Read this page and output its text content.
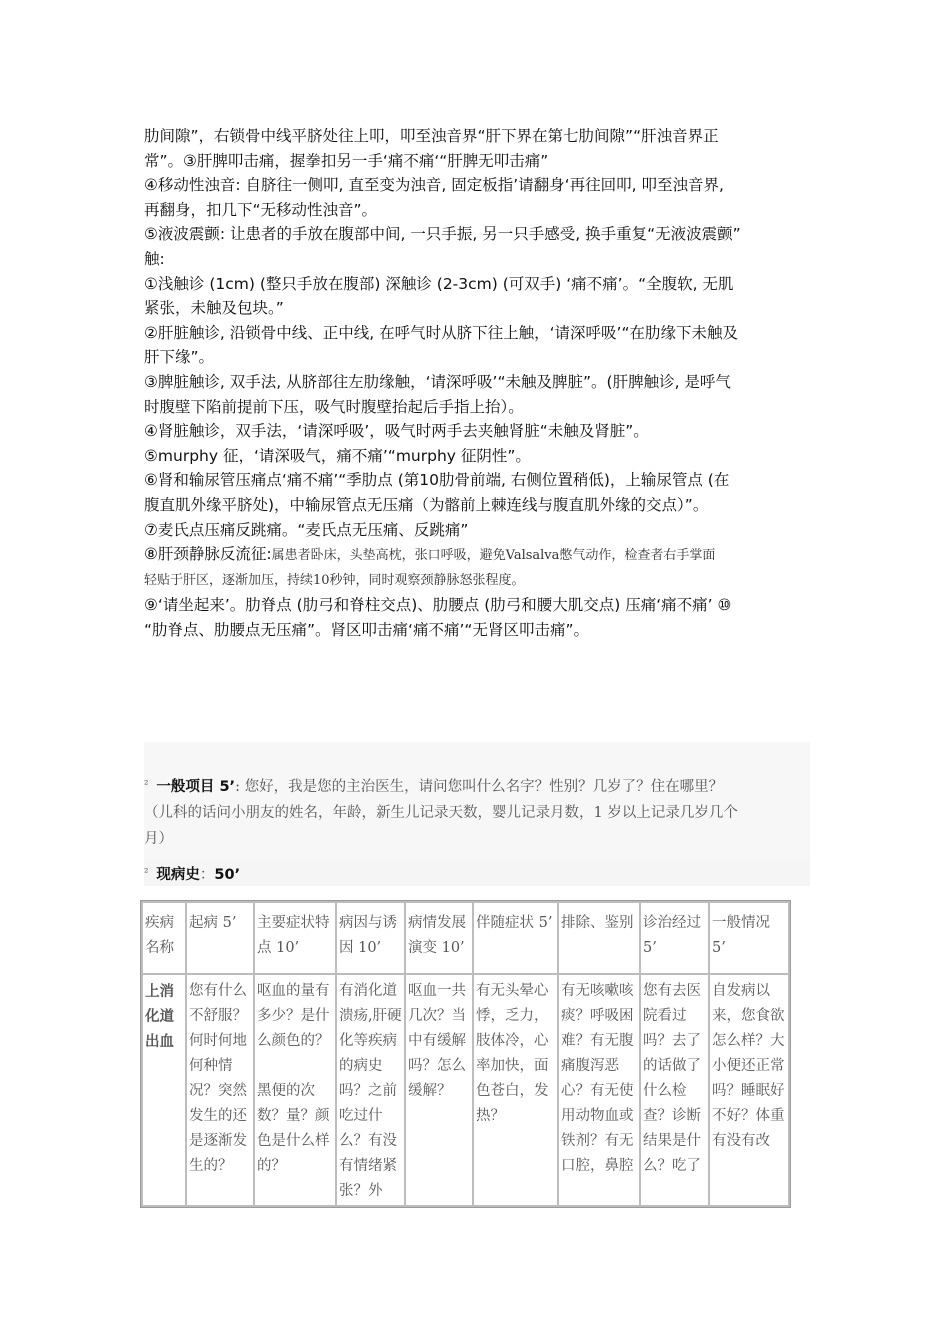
肋间隙”，右锁骨中线平脐处往上叩，叩至浊音界“肝下界在第七肋间隙”“肝浊音界正
常”。③肝脾叩击痛，握拳扣另一手‘痛不痛‘“肝脾无叩击痛”
④移动性浊音: 自脐往一侧叩, 直至变为浊音, 固定板指’请翻身‘再往回叩, 叩至浊音界,
再翻身，扣几下“无移动性浊音”。
⑤液波震颤: 让患者的手放在腹部中间, 一只手振, 另一只手感受, 换手重复“无液波震颤”
触:
①浅触诊 (1cm) (整只手放在腹部) 深触诊 (2-3cm) (可双手) ‘痛不痛’。“全腹软, 无肌
紧张，未触及包块。”
②肝脏触诊, 沿锁骨中线、正中线, 在呼气时从脐下往上触，‘请深呼吸’“在肋缘下未触及
肝下缘”。
③脾脏触诊, 双手法, 从脐部往左肋缘触，‘请深呼吸’“未触及脾脏”。(肝脾触诊, 是呼气
时腹壁下陷前提前下压，吸气时腹壁抬起后手指上抬）。
④肾脏触诊，双手法，‘请深呼吸’，吸气时两手去夹触肾脏“未触及肾脏”。
⑤murphy 征，‘请深吸气，痛不痛’“murphy 征阴性”。
⑥肾和输尿管压痛点‘痛不痛’“季肋点 (第10肋骨前端, 右侧位置稍低)，上输尿管点 (在
腹直肌外缘平脐处)，中输尿管点无压痛（为髂前上棘连线与腹直肌外缘的交点）”。
⑦麦氏点压痛反跳痛。“麦氏点无压痛、反跳痛”
⑧肝颈静脉反流征:属患者卧床，头垫高枕，张口呼吸，避免Valsalva憋气动作，检查者右手掌面
轻贴于肝区，逐渐加压，持续10秒钟，同时观察颈静脉怒张程度。
⑨‘请坐起来’。肋脊点 (肋弓和脊柱交点)、肋腰点 (肋弓和腰大肌交点) 压痛‘痛不痛’ ⑩
“肋脊点、肋腰点无压痛”。肾区叩击痛‘痛不痛’“无肾区叩击痛”。
$^{^2}$ 一般项目 5’: 您好，我是您的主治医生，请问您叫什么名字？性别？几岁了？住在哪里？
（儿科的话问小朋友的姓名，年龄，新生儿记录天数，婴儿记录月数，1 岁以上记录几岁几个
月）
$^{^2}$ 现病史：50’
疾病名称	起病 5’	主要症状特点 10’	病因与诱因 10’	病情发展演变 10’	伴随症状 5’	排除、鉴别	诊治经过 5’	一般情况 5’

上消化道出血	您有什么不舒服？何时何地何种情况？突然发生的还是逐渐发生的？	呕血的量有多少？是什么颜色的？

黑便的次数？量？颜色是什么样的？	有消化道溃疡,肝硬化等疾病的病史吗？之前吃过什么？有没有情绪紧张？外	呕血一共几次？当中有缓解吗？怎么缓解？	有无头晕心悸，乏力，肢体冷，心率加快，面色苍白，发热？	有无咳嗽咳痰？呼吸困难？有无腹痛腹泻恶心？有无使用动物血或铁剂？有无口腔，鼻腔	您有去医院看过吗？去了的话做了什么检查？诊断结果是什么？吃了	自发病以来，您食欲怎么样？大小便还正常吗？睡眠好不好？体重有没有改
